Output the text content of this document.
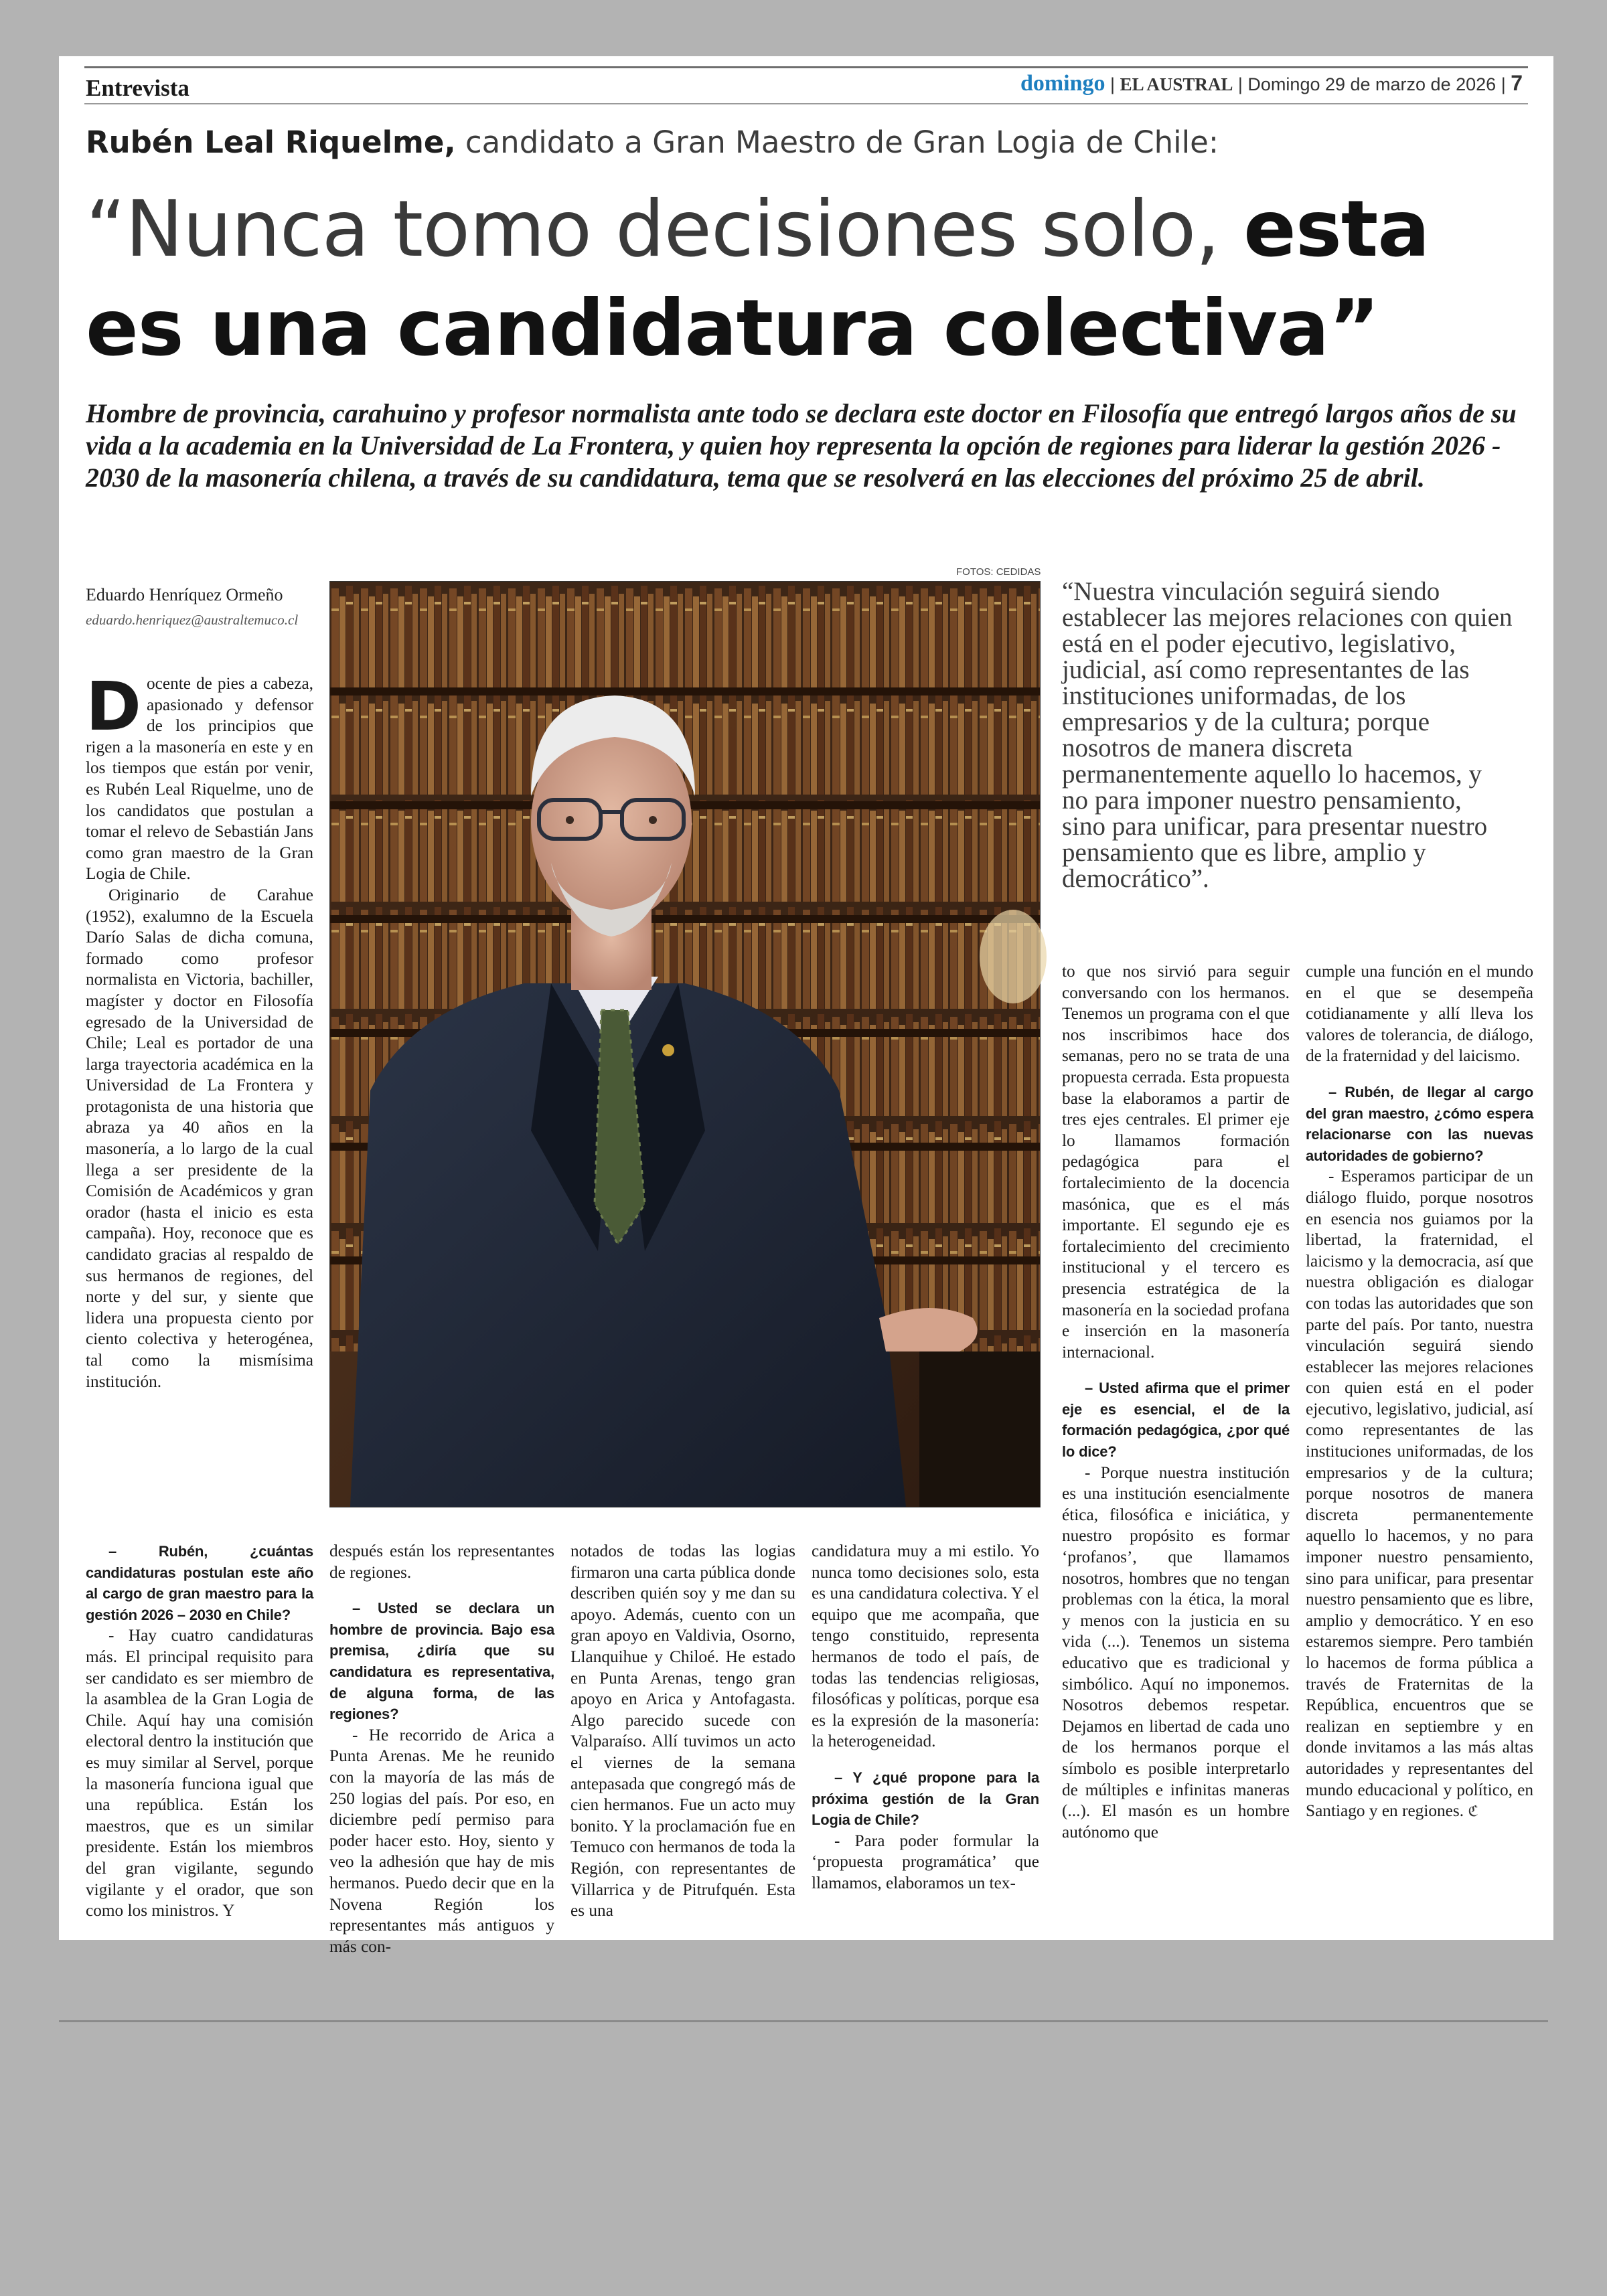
Entrevista	domingo | EL AUSTRAL | Domingo 29 de marzo de 2026 | 7
Rubén Leal Riquelme, candidato a Gran Maestro de Gran Logia de Chile:
“Nunca tomo decisiones solo, esta
es una candidatura colectiva”
Hombre de provincia, carahuino y profesor normalista ante todo se declara este doctor en Filosofía que entregó largos años de su vida a la academia en la Universidad de La Frontera, y quien hoy representa la opción de regiones para liderar la gestión 2026 - 2030 de la masonería chilena, a través de su candidatura, tema que se resolverá en las elecciones del próximo 25 de abril.
Eduardo Henríquez Ormeño
eduardo.henriquez@australtemuco.cl
FOTOS: CEDIDAS
“Nuestra vinculación seguirá siendo
establecer las mejores relaciones con quien
está en el poder ejecutivo, legislativo,
judicial, así como representantes de las
instituciones uniformadas, de los
empresarios y de la cultura; porque
nosotros de manera discreta
permanentemente aquello lo hacemos, y
no para imponer nuestro pensamiento,
sino para unificar, para presentar nuestro
pensamiento que es libre, amplio y
democrático”.

Docente de pies a cabeza, apasionado y defensor de los principios que rigen a la masonería en este y en los tiempos que están por venir, es Rubén Leal Riquelme, uno de los candidatos que postulan a tomar el relevo de Sebastián Jans como gran maestro de la Gran Logia de Chile.

Originario de Carahue (1952), exalumno de la Escuela Darío Salas de dicha comuna, formado como profesor normalista en Victoria, bachiller, magíster y doctor en Filosofía egresado de la Universidad de Chile; Leal es portador de una larga trayectoria académica en la Universidad de La Frontera y protagonista de una historia que abraza ya 40 años en la masonería, a lo largo de la cual llega a ser presidente de la Comisión de Académicos y gran orador (hasta el inicio es esta campaña). Hoy, reconoce que es candidato gracias al respaldo de sus hermanos de regiones, del norte y del sur, y siente que lidera una propuesta ciento por ciento colectiva y heterogénea, tal como la mismísima institución.

– Rubén, ¿cuántas candidaturas postulan este año al cargo de gran maestro para la gestión 2026 – 2030 en Chile?

- Hay cuatro candidaturas más. El principal requisito para ser candidato es ser miembro de la asamblea de la Gran Logia de Chile. Aquí hay una comisión electoral dentro la institución que es muy similar al Servel, porque la masonería funciona igual que una república. Están los maestros, que es un similar presidente. Están los miembros del gran vigilante, segundo vigilante y el orador, que son como los ministros. Y

después están los representantes de regiones.

– Usted se declara un hombre de provincia. Bajo esa premisa, ¿diría que su candidatura es representativa, de alguna forma, de las regiones?

- He recorrido de Arica a Punta Arenas. Me he reunido con la mayoría de las más de 250 logias del país. Por eso, en diciembre pedí permiso para poder hacer esto. Hoy, siento y veo la adhesión que hay de mis hermanos. Puedo decir que en la Novena Región los representantes más antiguos y más con-

notados de todas las logias firmaron una carta pública donde describen quién soy y me dan su apoyo. Además, cuento con un gran apoyo en Valdivia, Osorno, Llanquihue y Chiloé. He estado en Punta Arenas, tengo gran apoyo en Arica y Antofagasta. Algo parecido sucede con Valparaíso. Allí tuvimos un acto el viernes de la semana antepasada que congregó más de cien hermanos. Fue un acto muy bonito. Y la proclamación fue en Temuco con hermanos de toda la Región, con representantes de Villarrica y de Pitrufquén. Esta es una

candidatura muy a mi estilo. Yo nunca tomo decisiones solo, esta es una candidatura colectiva. Y el equipo que me acompaña, que tengo constituido, representa hermanos de todo el país, de todas las tendencias religiosas, filosóficas y políticas, porque esa es la expresión de la masonería: la heterogeneidad.

– Y ¿qué propone para la próxima gestión de la Gran Logia de Chile?

- Para poder formular la ‘propuesta programática’ que llamamos, elaboramos un tex-

to que nos sirvió para seguir conversando con los hermanos. Tenemos un programa con el que nos inscribimos hace dos semanas, pero no se trata de una propuesta cerrada. Esta propuesta base la elaboramos a partir de tres ejes centrales. El primer eje lo llamamos formación pedagógica para el fortalecimiento de la docencia masónica, que es el más importante. El segundo eje es fortalecimiento del crecimiento institucional y el tercero es presencia estratégica de la masonería en la sociedad profana e inserción en la masonería internacional.

– Usted afirma que el primer eje es esencial, el de la formación pedagógica, ¿por qué lo dice?

- Porque nuestra institución es una institución esencialmente ética, filosófica e iniciática, y nuestro propósito es formar ‘profanos’, que llamamos nosotros, hombres que no tengan problemas con la ética, la moral y menos con la justicia en su vida (...). Tenemos un sistema educativo que es tradicional y simbólico. Aquí no imponemos. Nosotros debemos respetar. Dejamos en libertad de cada uno de los hermanos porque el símbolo es posible interpretarlo de múltiples e infinitas maneras (...). El masón es un hombre autónomo que

cumple una función en el mundo en el que se desempeña cotidianamente y allí lleva los valores de tolerancia, de diálogo, de la fraternidad y del laicismo.

– Rubén, de llegar al cargo del gran maestro, ¿cómo espera relacionarse con las nuevas autoridades de gobierno?

- Esperamos participar de un diálogo fluido, porque nosotros en esencia nos guiamos por la libertad, la fraternidad, el laicismo y la democracia, así que nuestra obligación es dialogar con todas las autoridades que son parte del país. Por tanto, nuestra vinculación seguirá siendo establecer las mejores relaciones con quien está en el poder ejecutivo, legislativo, judicial, así como representantes de las instituciones uniformadas, de los empresarios y de la cultura; porque nosotros de manera discreta permanentemente aquello lo hacemos, y no para imponer nuestro pensamiento, sino para unificar, para presentar nuestro pensamiento que es libre, amplio y democrático. Y en eso estaremos siempre. Pero también lo hacemos de forma pública a través de Fraternitas de la República, encuentros que se realizan en septiembre y en donde invitamos a las más altas autoridades y representantes del mundo educacional y político, en Santiago y en regiones. ℭ
